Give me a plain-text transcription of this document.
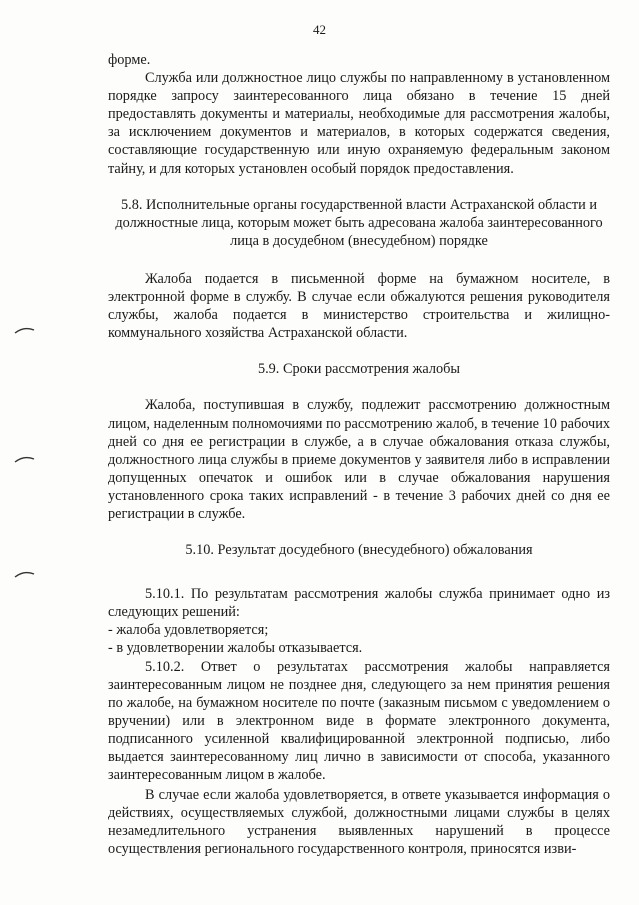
42

форме.

Служба или должностное лицо службы по направленному в установленном порядке запросу заинтересованного лица обязано в течение 15 дней предоставлять документы и материалы, необходимые для рассмотрения жалобы, за исключением документов и материалов, в которых содержатся сведения, составляющие государственную или иную охраняемую федеральным законом тайну, и для которых установлен особый порядок предоставления.

5.8. Исполнительные органы государственной власти Астраханской области и должностные лица, которым может быть адресована жалоба заинтересованного лица в досудебном (внесудебном) порядке

Жалоба подается в письменной форме на бумажном носителе, в электронной форме в службу. В случае если обжалуются решения руководителя службы, жалоба подается в министерство строительства и жилищно-коммунального хозяйства Астраханской области.

5.9. Сроки рассмотрения жалобы

Жалоба, поступившая в службу, подлежит рассмотрению должностным лицом, наделенным полномочиями по рассмотрению жалоб, в течение 10 рабочих дней со дня ее регистрации в службе, а в случае обжалования отказа службы, должностного лица службы в приеме документов у заявителя либо в исправлении допущенных опечаток и ошибок или в случае обжалования нарушения установленного срока таких исправлений - в течение 3 рабочих дней со дня ее регистрации в службе.

5.10. Результат досудебного (внесудебного) обжалования

5.10.1. По результатам рассмотрения жалобы служба принимает одно из следующих решений:

- жалоба удовлетворяется;

- в удовлетворении жалобы отказывается.

5.10.2. Ответ о результатах рассмотрения жалобы направляется заинтересованным лицом не позднее дня, следующего за нем принятия решения по жалобе, на бумажном носителе по почте (заказным письмом с уведомлением о вручении) или в электронном виде в формате электронного документа, подписанного усиленной квалифицированной электронной подписью, либо выдается заинтересованному лиц лично в зависимости от способа, указанного заинтересованным лицом в жалобе.

В случае если жалоба удовлетворяется, в ответе указывается информация о действиях, осуществляемых службой, должностными лицами службы в целях незамедлительного устранения выявленных нарушений в процессе осуществления регионального государственного контроля, приносятся изви-
